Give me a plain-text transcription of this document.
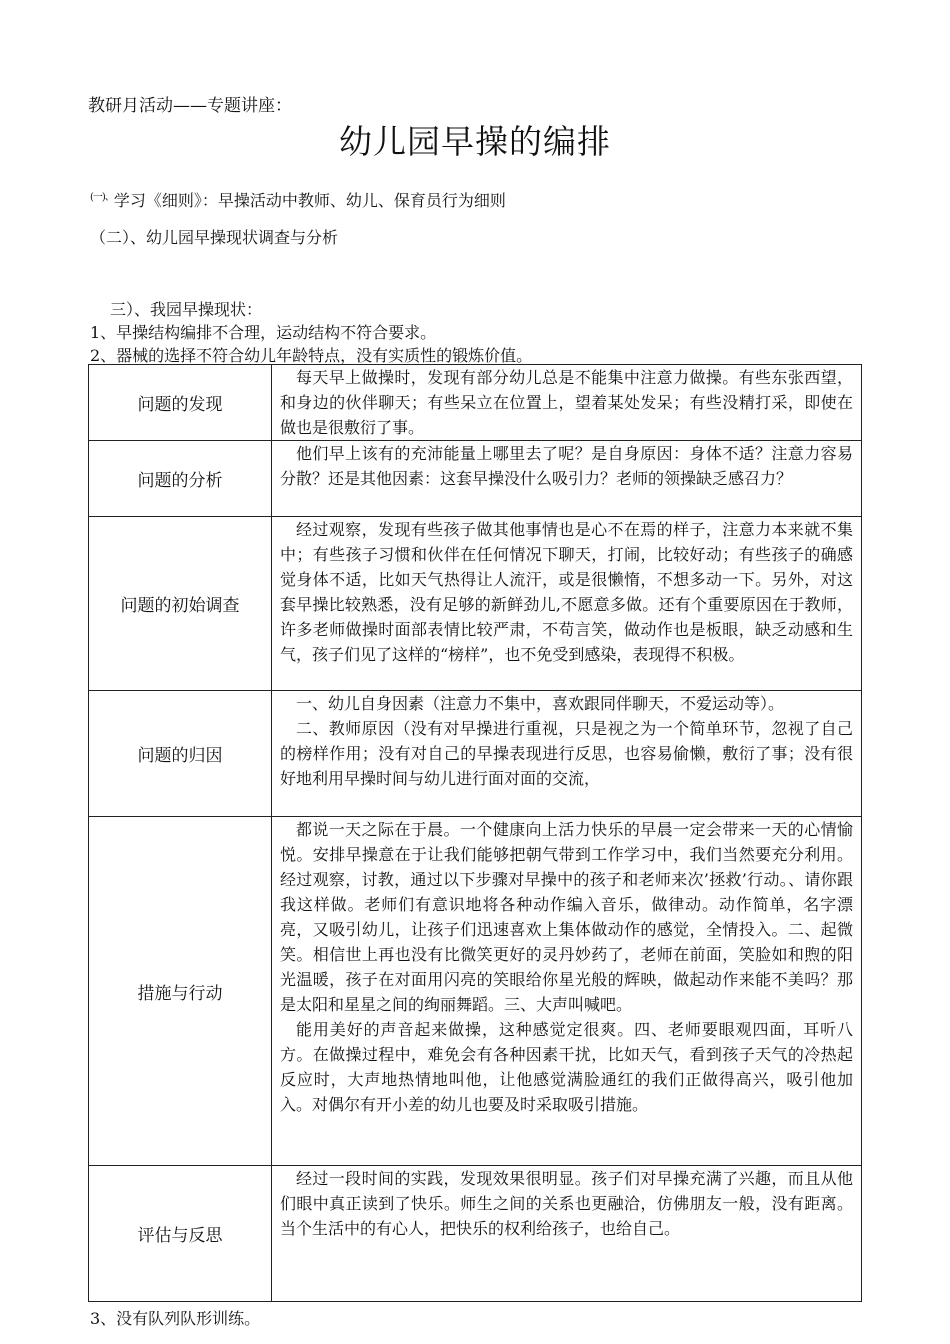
教研月活动——专题讲座：
幼儿园早操的编排
$^{(一)、}$学习《细则》：早操活动中教师、幼儿、保育员行为细则
（二）、幼儿园早操现状调查与分析
三）、我园早操现状：
1、早操结构编排不合理，运动结构不符合要求。
2、器械的选择不符合幼儿年龄特点，没有实质性的锻炼价值。
问题的发现	每天早上做操时，发现有部分幼儿总是不能集中注意力做操。有些东张西望，和身边的伙伴聊天；有些呆立在位置上，望着某处发呆；有些没精打采，即使在做也是很敷衍了事。

问题的分析	他们早上该有的充沛能量上哪里去了呢？是自身原因：身体不适？注意力容易分散？还是其他因素：这套早操没什么吸引力？老师的领操缺乏感召力？

问题的初始调查	经过观察，发现有些孩子做其他事情也是心不在焉的样子，注意力本来就不集中；有些孩子习惯和伙伴在任何情况下聊天，打闹，比较好动；有些孩子的确感觉身体不适，比如天气热得让人流汗，或是很懒惰，不想多动一下。另外，对这套早操比较熟悉，没有足够的新鲜劲儿,不愿意多做。还有个重要原因在于教师，许多老师做操时面部表情比较严肃，不苟言笑，做动作也是板眼，缺乏动感和生气，孩子们见了这样的“榜样”，也不免受到感染，表现得不积极。

问题的归因	一、幼儿自身因素（注意力不集中，喜欢跟同伴聊天，不爱运动等）。

二、教师原因（没有对早操进行重视，只是视之为一个简单环节，忽视了自己的榜样作用；没有对自己的早操表现进行反思，也容易偷懒，敷衍了事；没有很好地利用早操时间与幼儿进行面对面的交流，

措施与行动	都说一天之际在于晨。一个健康向上活力快乐的早晨一定会带来一天的心情愉悦。安排早操意在于让我们能够把朝气带到工作学习中，我们当然要充分利用。经过观察，讨教，通过以下步骤对早操中的孩子和老师来次’拯救’行动。、请你跟我这样做。老师们有意识地将各种动作编入音乐，做律动。动作简单，名字漂亮，又吸引幼儿，让孩子们迅速喜欢上集体做动作的感觉，全情投入。二、起微笑。相信世上再也没有比微笑更好的灵丹妙药了，老师在前面，笑脸如和煦的阳光温暖，孩子在对面用闪亮的笑眼给你星光般的辉映，做起动作来能不美吗？那是太阳和星星之间的绚丽舞蹈。三、大声叫喊吧。

能用美好的声音起来做操，这种感觉定很爽。四、老师要眼观四面，耳听八方。在做操过程中，难免会有各种因素干扰，比如天气，看到孩子天气的冷热起反应时，大声地热情地叫他，让他感觉满脸通红的我们正做得高兴，吸引他加入。对偶尔有开小差的幼儿也要及时采取吸引措施。

评估与反思	经过一段时间的实践，发现效果很明显。孩子们对早操充满了兴趣，而且从他们眼中真正读到了快乐。师生之间的关系也更融洽，仿佛朋友一般，没有距离。当个生活中的有心人，把快乐的权利给孩子，也给自己。

3、没有队列队形训练。
